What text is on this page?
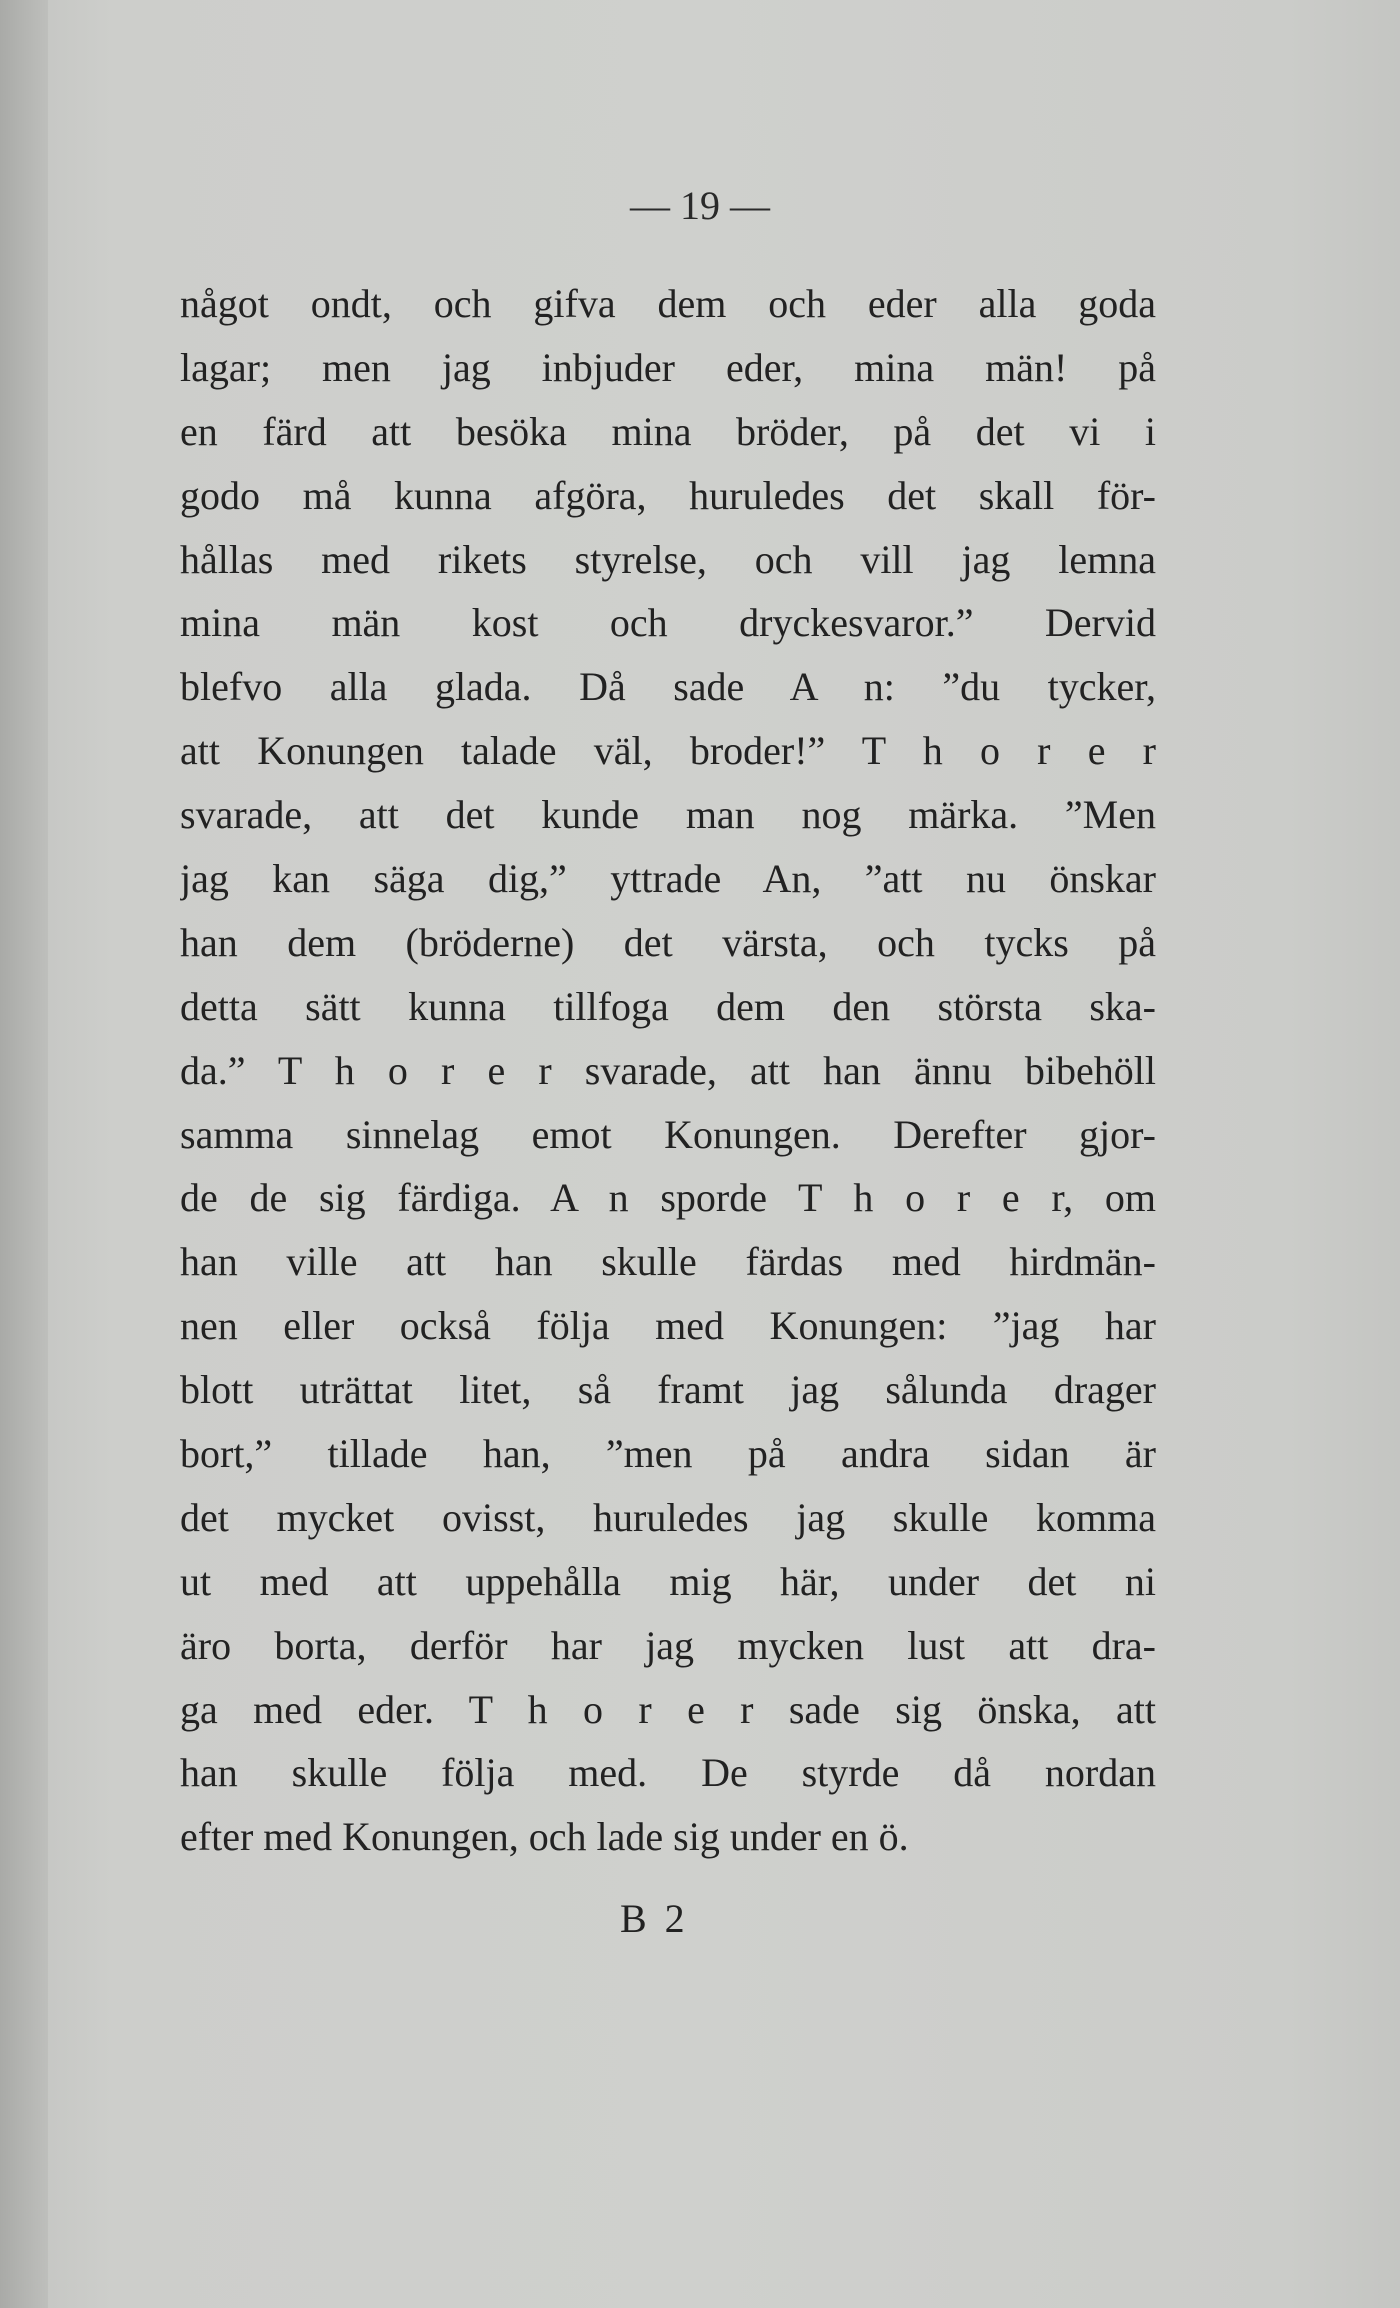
— 19 —
något ondt, och gifva dem och eder alla goda
lagar; men jag inbjuder eder, mina män! på
en färd att besöka mina bröder, på det vi i
godo må kunna afgöra, huruledes det skall för-
hållas med rikets styrelse, och vill jag lemna
mina män kost och dryckesvaror.” Dervid
blefvo alla glada. Då sade A n: ”du tycker,
att Konungen talade väl, broder!” T h o r e r
svarade, att det kunde man nog märka. ”Men
jag kan säga dig,” yttrade An, ”att nu önskar
han dem (bröderne) det värsta, och tycks på
detta sätt kunna tillfoga dem den största ska-
da.” T h o r e r svarade, att han ännu bibehöll
samma sinnelag emot Konungen. Derefter gjor-
de de sig färdiga. A n sporde T h o r e r, om
han ville att han skulle färdas med hirdmän-
nen eller också följa med Konungen: ”jag har
blott uträttat litet, så framt jag sålunda drager
bort,” tillade han, ”men på andra sidan är
det mycket ovisst, huruledes jag skulle komma
ut med att uppehålla mig här, under det ni
äro borta, derför har jag mycken lust att dra-
ga med eder. T h o r e r sade sig önska, att
han skulle följa med. De styrde då nordan
efter med Konungen, och lade sig under en ö.
B 2
